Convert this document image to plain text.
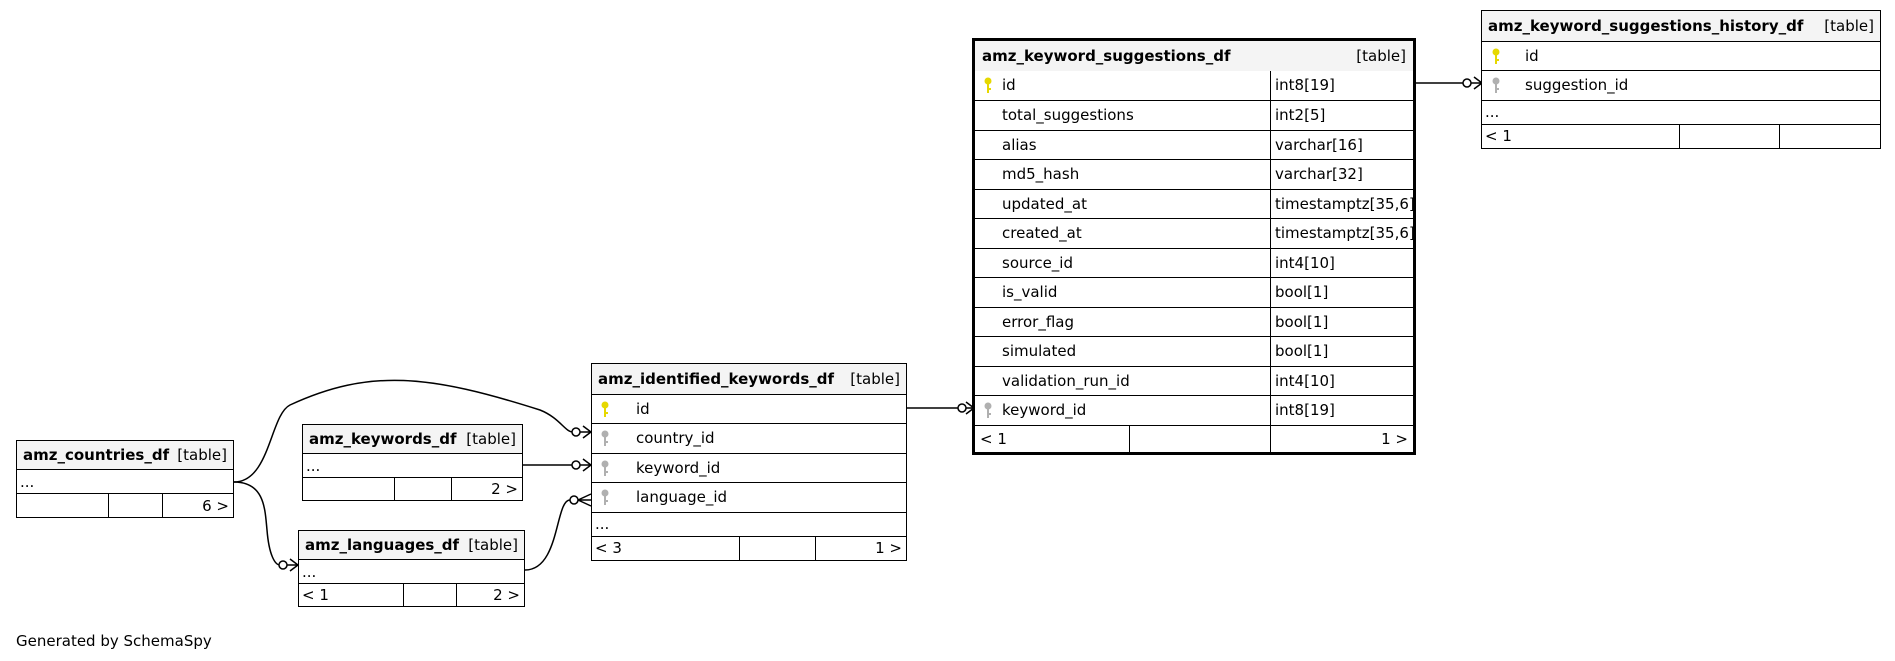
amz_keyword_suggestions_df	[table]
id	int8[19]
total_suggestions	int2[5]
alias	varchar[16]
md5_hash	varchar[32]
updated_at	timestamptz[35,6]
created_at	timestamptz[35,6]
source_id	int4[10]
is_valid	bool[1]
error_flag	bool[1]
simulated	bool[1]
validation_run_id	int4[10]
keyword_id	int8[19]
< 1	1 >
amz_keyword_suggestions_history_df [table]
id
suggestion_id
...
< 1
amz_identified_keywords_df [table]
id
country_id
keyword_id
language_id
...
< 3	1 >
amz_keywords_df [table]
...
2 >
amz_countries_df [table]
...
6 >
amz_languages_df [table]
...
< 1	2 >
Generated by SchemaSpy
